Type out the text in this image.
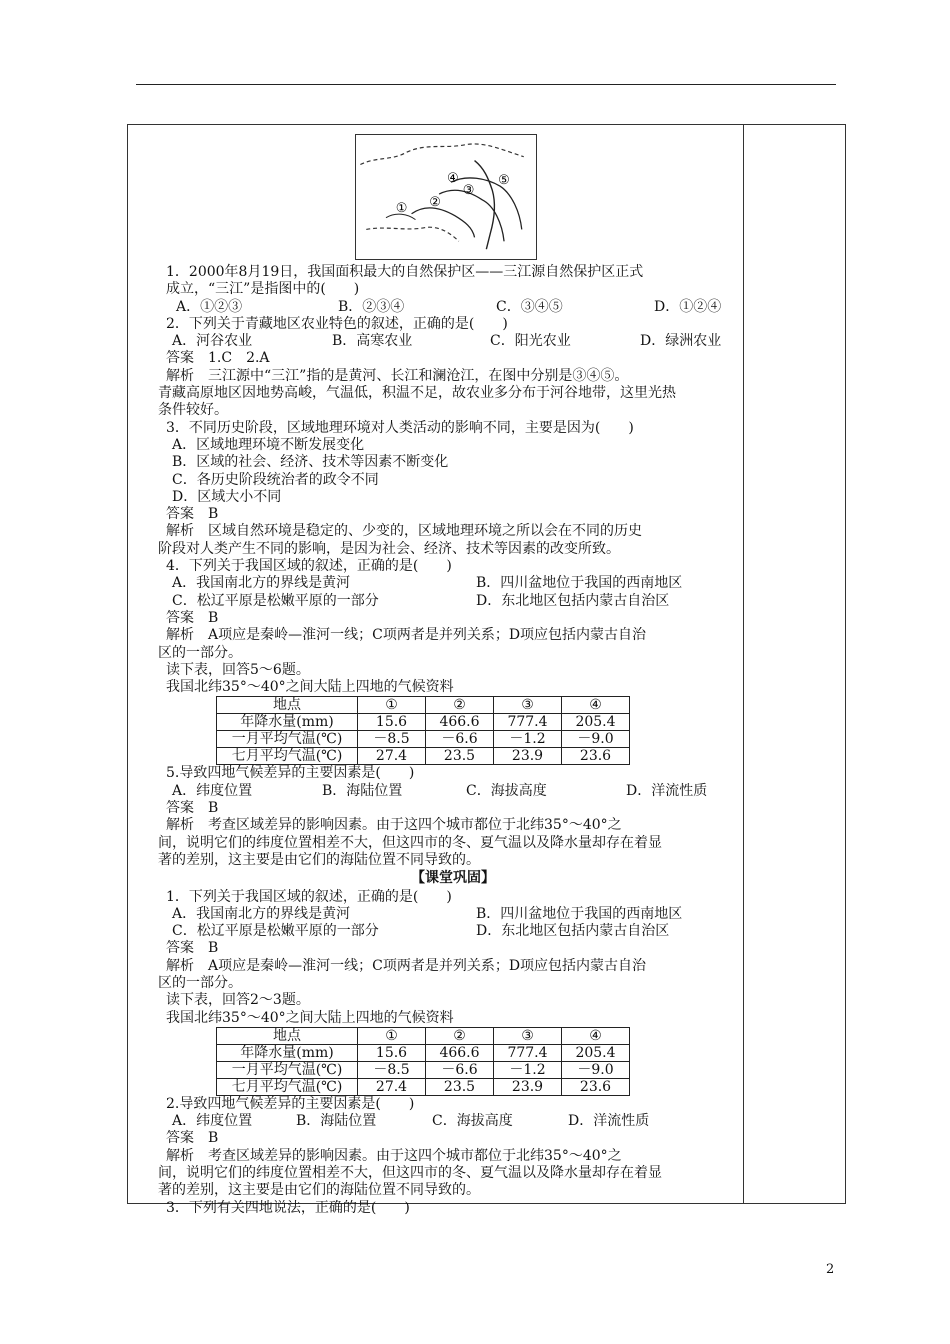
① ②
③
④	⑤

1．2000年8月19日，我国面积最大的自然保护区——三江源自然保护区正式

成立，“三江”是指图中的(　　)

A．①②③	B．②③④	C．③④⑤	D．①②④

2．下列关于青藏地区农业特色的叙述，正确的是(　　)

A．河谷农业	B．高寒农业	C．阳光农业	D．绿洲农业

答案　1.C　2.A

解析　三江源中“三江”指的是黄河、长江和澜沧江，在图中分别是③④⑤。

青藏高原地区因地势高峻，气温低，积温不足，故农业多分布于河谷地带，这里光热

条件较好。

3．不同历史阶段，区域地理环境对人类活动的影响不同，主要是因为(　　)

A．区域地理环境不断发展变化

B．区域的社会、经济、技术等因素不断变化

C．各历史阶段统治者的政令不同

D．区域大小不同

答案　B

解析　区域自然环境是稳定的、少变的，区域地理环境之所以会在不同的历史

阶段对人类产生不同的影响，是因为社会、经济、技术等因素的改变所致。

4．下列关于我国区域的叙述，正确的是(　　)

A．我国南北方的界线是黄河	B．四川盆地位于我国的西南地区

C．松辽平原是松嫩平原的一部分	D．东北地区包括内蒙古自治区

答案　B

解析　A项应是秦岭—淮河一线；C项两者是并列关系；D项应包括内蒙古自治

区的一部分。

读下表，回答5～6题。

我国北纬35°～40°之间大陆上四地的气候资料

地点	①	②	③	④
年降水量(mm)	15.6	466.6	777.4	205.4
一月平均气温(℃)	－8.5	－6.6	－1.2	－9.0
七月平均气温(℃)	27.4	23.5	23.9	23.6

5.导致四地气候差异的主要因素是(　　)

A．纬度位置	B．海陆位置	C．海拔高度	D．洋流性质

答案　B

解析　考查区域差异的影响因素。由于这四个城市都位于北纬35°～40°之

间，说明它们的纬度位置相差不大，但这四市的冬、夏气温以及降水量却存在着显

著的差别，这主要是由它们的海陆位置不同导致的。

【课堂巩固】

1．下列关于我国区域的叙述，正确的是(　　)

A．我国南北方的界线是黄河	B．四川盆地位于我国的西南地区

C．松辽平原是松嫩平原的一部分	D．东北地区包括内蒙古自治区

答案　B

解析　A项应是秦岭—淮河一线；C项两者是并列关系；D项应包括内蒙古自治

区的一部分。

读下表，回答2～3题。

我国北纬35°～40°之间大陆上四地的气候资料

地点	①	②	③	④
年降水量(mm)	15.6	466.6	777.4	205.4
一月平均气温(℃)	－8.5	－6.6	－1.2	－9.0
七月平均气温(℃)	27.4	23.5	23.9	23.6

2.导致四地气候差异的主要因素是(　　)

A．纬度位置	B．海陆位置	C．海拔高度	D．洋流性质

答案　B

解析　考查区域差异的影响因素。由于这四个城市都位于北纬35°～40°之

间，说明它们的纬度位置相差不大，但这四市的冬、夏气温以及降水量却存在着显

著的差别，这主要是由它们的海陆位置不同导致的。

3．下列有关四地说法，正确的是(　　)

2
